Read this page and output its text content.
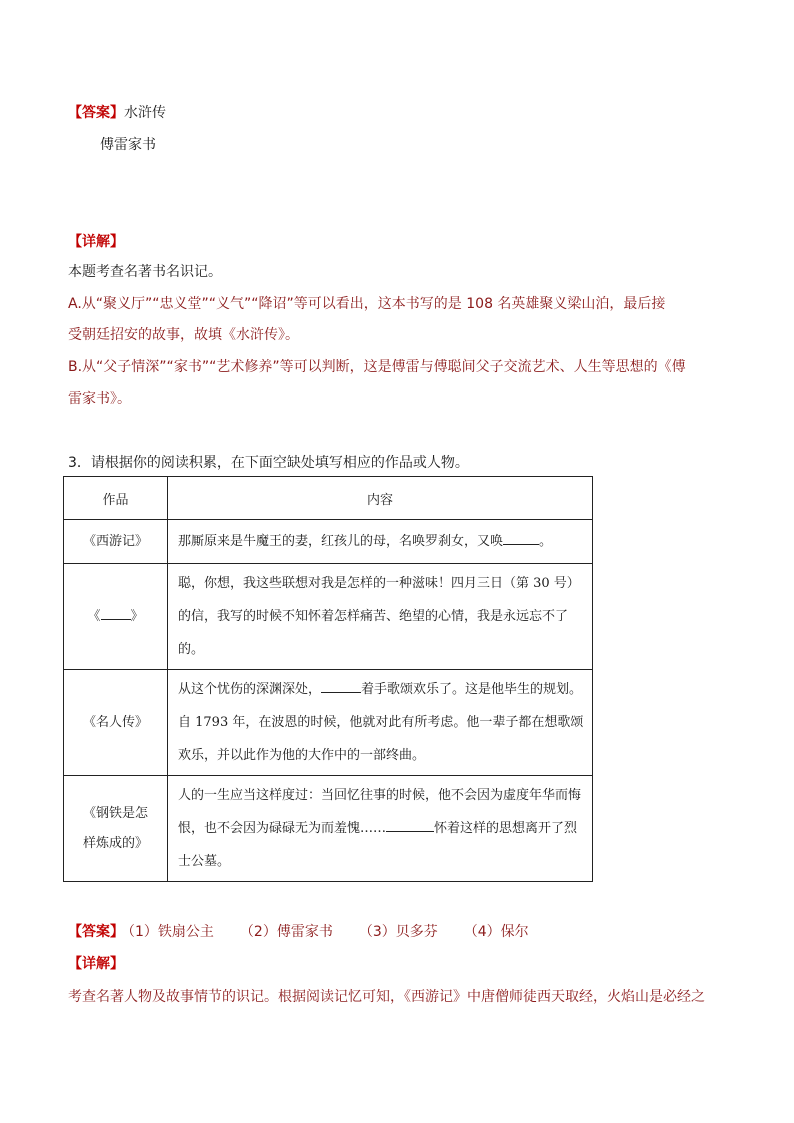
【答案】水浒传
傅雷家书
【详解】
本题考查名著书名识记。
A.从“聚义厅”“忠义堂”“义气”“降诏”等可以看出，这本书写的是 108 名英雄聚义梁山泊，最后接
受朝廷招安的故事，故填《水浒传》。
B.从“父子情深”“家书”“艺术修养”等可以判断，这是傅雷与傅聪间父子交流艺术、人生等思想的《傅
雷家书》。
3．请根据你的阅读积累，在下面空缺处填写相应的作品或人物。
作品	内容
《西游记》	那厮原来是牛魔王的妻，红孩儿的母，名唤罗刹女，又唤 。
《 》	聪，你想，我这些联想对我是怎样的一种滋味！四月三日（第 30 号）的信，我写的时候不知怀着怎样痛苦、绝望的心情，我是永远忘不了的。
《名人传》	从这个忧伤的深渊深处， 着手歌颂欢乐了。这是他毕生的规划。自 1793 年，在波恩的时候，他就对此有所考虑。他一辈子都在想歌颂欢乐，并以此作为他的大作中的一部终曲。
《钢铁是怎样炼成的》	人的一生应当这样度过：当回忆往事的时候，他不会因为虚度年华而悔恨，也不会因为碌碌无为而羞愧…… 怀着这样的思想离开了烈士公墓。
【答案】 （1）铁扇公主 （2）傅雷家书 （3）贝多芬 （4）保尔
【详解】
考查名著人物及故事情节的识记。根据阅读记忆可知，《西游记》中唐僧师徒西天取经，火焰山是必经之
